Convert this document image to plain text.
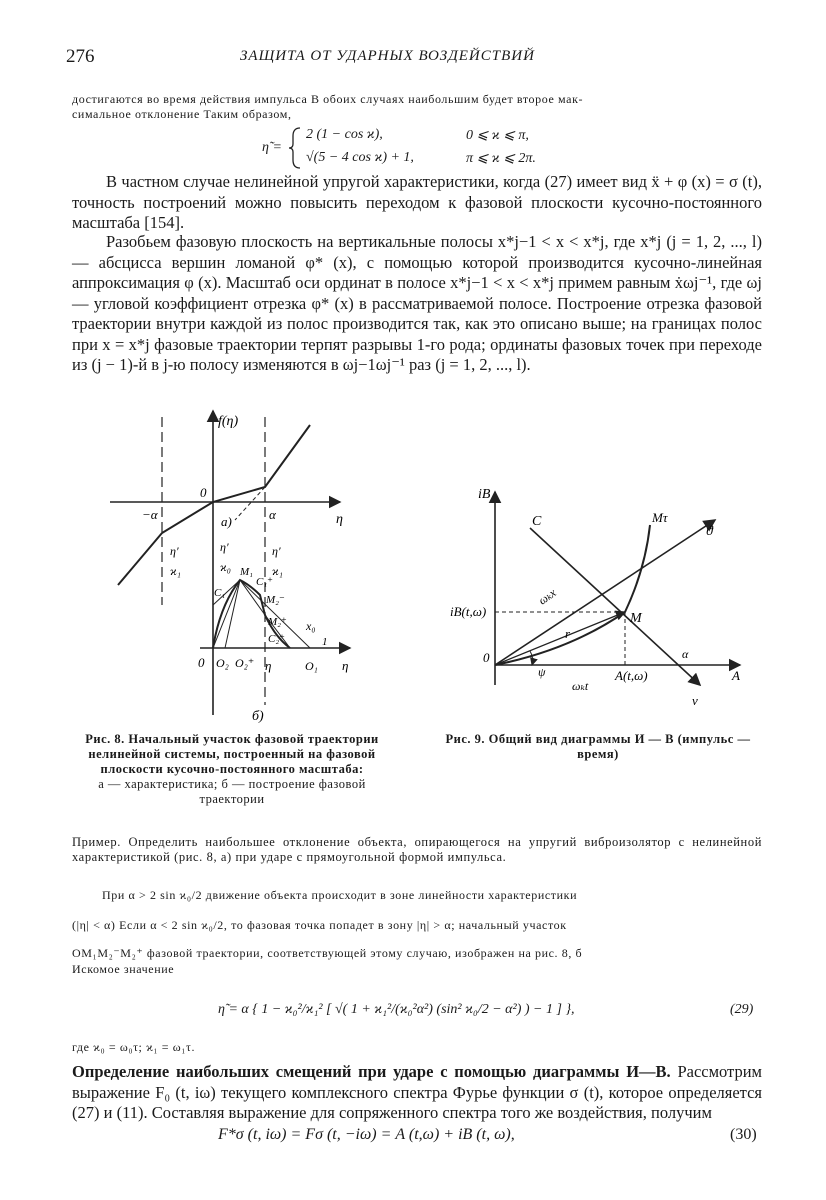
276	ЗАЩИТА ОТ УДАРНЫХ ВОЗДЕЙСТВИЙ
достигаются во время действия импульса В обоих случаях наибольшим будет второе мак-
симальное отклонение Таким образом,
η̃ =
2 (1 − cos ϰ),	0 ⩽ ϰ ⩽ π,
√(5 − 4 cos ϰ) + 1,	π ⩽ ϰ ⩽ 2π.
В частном случае нелинейной упругой характеристики, когда (27) имеет вид ẍ + φ (x) = σ (t), точность построений можно повысить переходом к фазовой плоскости кусочно-постоянного масштаба [154].
Разобьем фазовую плоскость на вертикальные полосы x*j−1 < x < x*j, где x*j (j = 1, 2, ..., l) — абсцисса вершин ломаной φ* (x), с помощью которой производится кусочно-линейная аппроксимация φ (x). Масштаб оси ординат в полосе x*j−1 < x < x*j примем равным ẋωj⁻¹, где ωj — угловой коэффициент отрезка φ* (x) в рассматриваемой полосе. Построение отрезка фазовой траектории внутри каждой из полос производится так, как это описано выше; на границах полос при x = x*j фазовые траектории терпят разрывы 1-го рода; ординаты фазовых точек при переходе из (j − 1)-й в j-ю полосу изменяются в ωj−1ωj⁻¹ раз (j = 1, 2, ..., l).
f(η)
0
−α	α	η
а)
η′
ϰ₁
η′
ϰ₀
η′
ϰ₁
M₁
C₁
C₁⁺
M₂⁻
M₂⁺
C₂⁺
x₀
1
0 O₂ O₂⁺ η	O₁ η
б)
iB
C	Mτ
ϑ
ωₖx
M
iB(t,ω)
r
0
ψ
ωₖt
A(t,ω)	A
ν
α
Рис. 8. Начальный участок фазовой траектории нелинейной системы, построенный на фазовой плоскости кусочно-постоянного масштаба:
а — характеристика; б — построение фазовой траектории
Рис. 9. Общий вид диаграммы И — В (импульс — время)
Пример. Определить наибольшее отклонение объекта, опирающегося на упругий виброизолятор с нелинейной характеристикой (рис. 8, а) при ударе с прямоугольной формой импульса.
При α > 2 sin ϰ₀/2 движение объекта происходит в зоне линейности характеристики
(|η| < α) Если α < 2 sin ϰ₀/2, то фазовая точка попадет в зону |η| > α; начальный участок
OM₁M₂⁻M₂⁺ фазовой траектории, соответствующей этому случаю, изображен на рис. 8, б
Искомое значение
η̃ = α { 1 − ϰ₀²/ϰ₁² [ √( 1 + ϰ₁²/(ϰ₀²α²) (sin² ϰ₀/2 − α²) ) − 1 ] },	(29)
где ϰ₀ = ω₀τ; ϰ₁ = ω₁τ.
Определение наибольших смещений при ударе с помощью диаграммы И—В. Рассмотрим выражение F₀ (t, iω) текущего комплексного спектра Фурье функции σ (t), которое определяется (27) и (11). Составляя выражение для сопряженного спектра того же воздействия, получим
F*σ (t, iω) = Fσ (t, −iω) = A (t,ω) + iB (t, ω),	(30)
